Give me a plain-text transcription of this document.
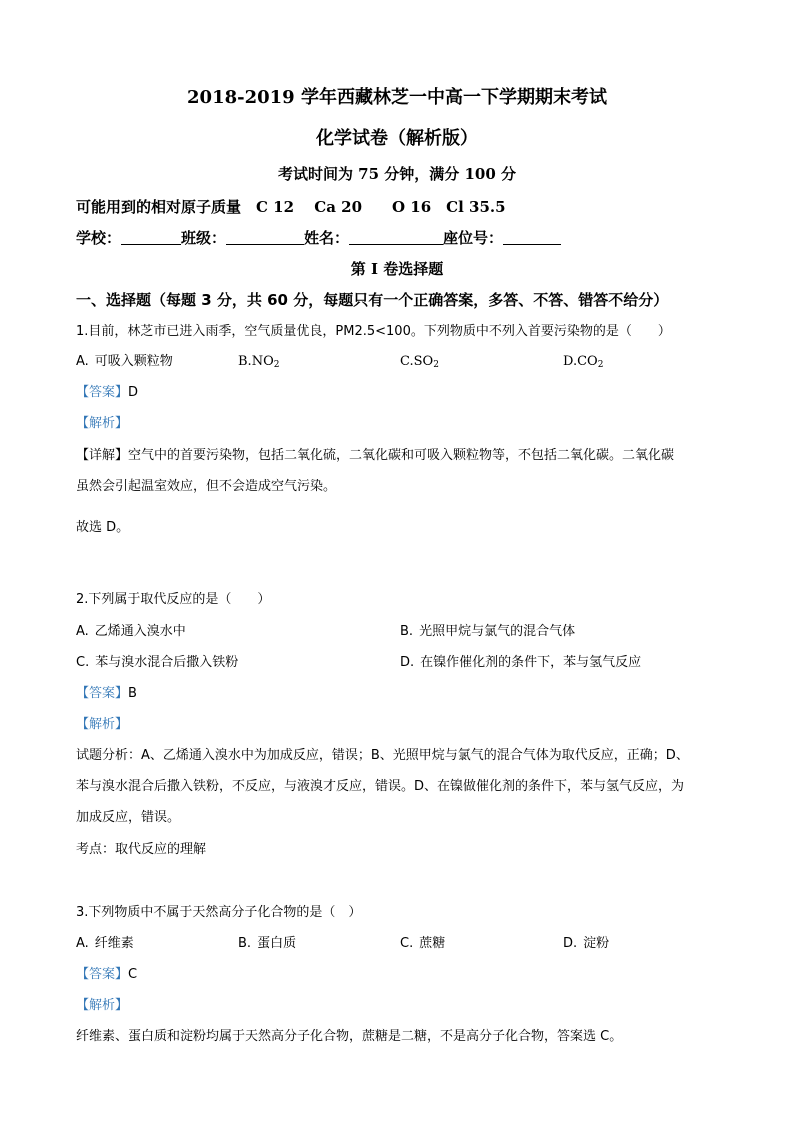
2018-2019 学年西藏林芝一中高一下学期期末考试
化学试卷（解析版）
考试时间为 75 分钟，满分 100 分
可能用到的相对原子质量　C 12　 Ca 20　　O 16　Cl 35.5
学校：	班级：	姓名：	座位号：
第 I 卷选择题
一、选择题（每题 3 分，共 60 分，每题只有一个正确答案，多答、不答、错答不给分）
1.目前，林芝市已进入雨季，空气质量优良，PM2.5<100。下列物质中不列入首要污染物的是（　　）
A. 可吸入颗粒物	$B.NO_2$	$C.SO_2$	$D.CO_2$
【答案】D
【解析】
【详解】空气中的首要污染物，包括二氧化硫，二氧化碳和可吸入颗粒物等，不包括二氧化碳。二氧化碳
虽然会引起温室效应，但不会造成空气污染。
故选 D。
2.下列属于取代反应的是（　　）
A. 乙烯通入溴水中	B. 光照甲烷与氯气的混合气体
C. 苯与溴水混合后撒入铁粉	D. 在镍作催化剂的条件下，苯与氢气反应
【答案】B
【解析】
试题分析：A、乙烯通入溴水中为加成反应，错误；B、光照甲烷与氯气的混合气体为取代反应，正确；D、
苯与溴水混合后撒入铁粉，不反应，与液溴才反应，错误。D、在镍做催化剂的条件下，苯与氢气反应，为
加成反应，错误。
考点：取代反应的理解
3.下列物质中不属于天然高分子化合物的是（　）
A. 纤维素	B. 蛋白质	C. 蔗糖	D. 淀粉
【答案】C
【解析】
纤维素、蛋白质和淀粉均属于天然高分子化合物，蔗糖是二糖，不是高分子化合物，答案选 C。
